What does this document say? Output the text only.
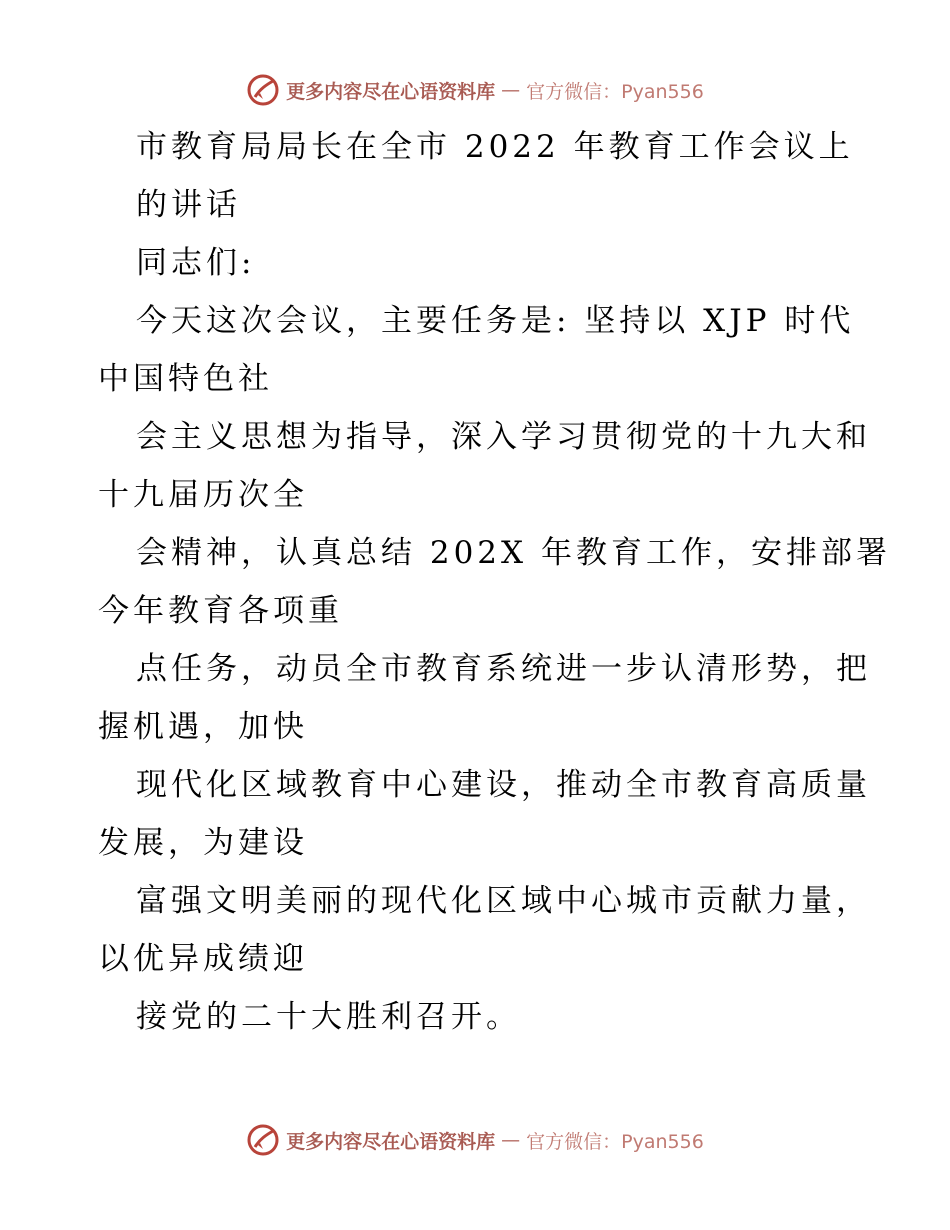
更多内容尽在心语资料库 — 官方微信：Pyan556
市教育局局长在全市 2022 年教育工作会议上
的讲话
同志们:
今天这次会议，主要任务是: 坚持以 XJP 时代
中国特色社
会主义思想为指导，深入学习贯彻党的十九大和
十九届历次全
会精神，认真总结 202X 年教育工作，安排部署
今年教育各项重
点任务，动员全市教育系统进一步认清形势，把
握机遇，加快
现代化区域教育中心建设，推动全市教育高质量
发展，为建设
富强文明美丽的现代化区域中心城市贡献力量，
以优异成绩迎
接党的二十大胜利召开。
更多内容尽在心语资料库 — 官方微信：Pyan556
